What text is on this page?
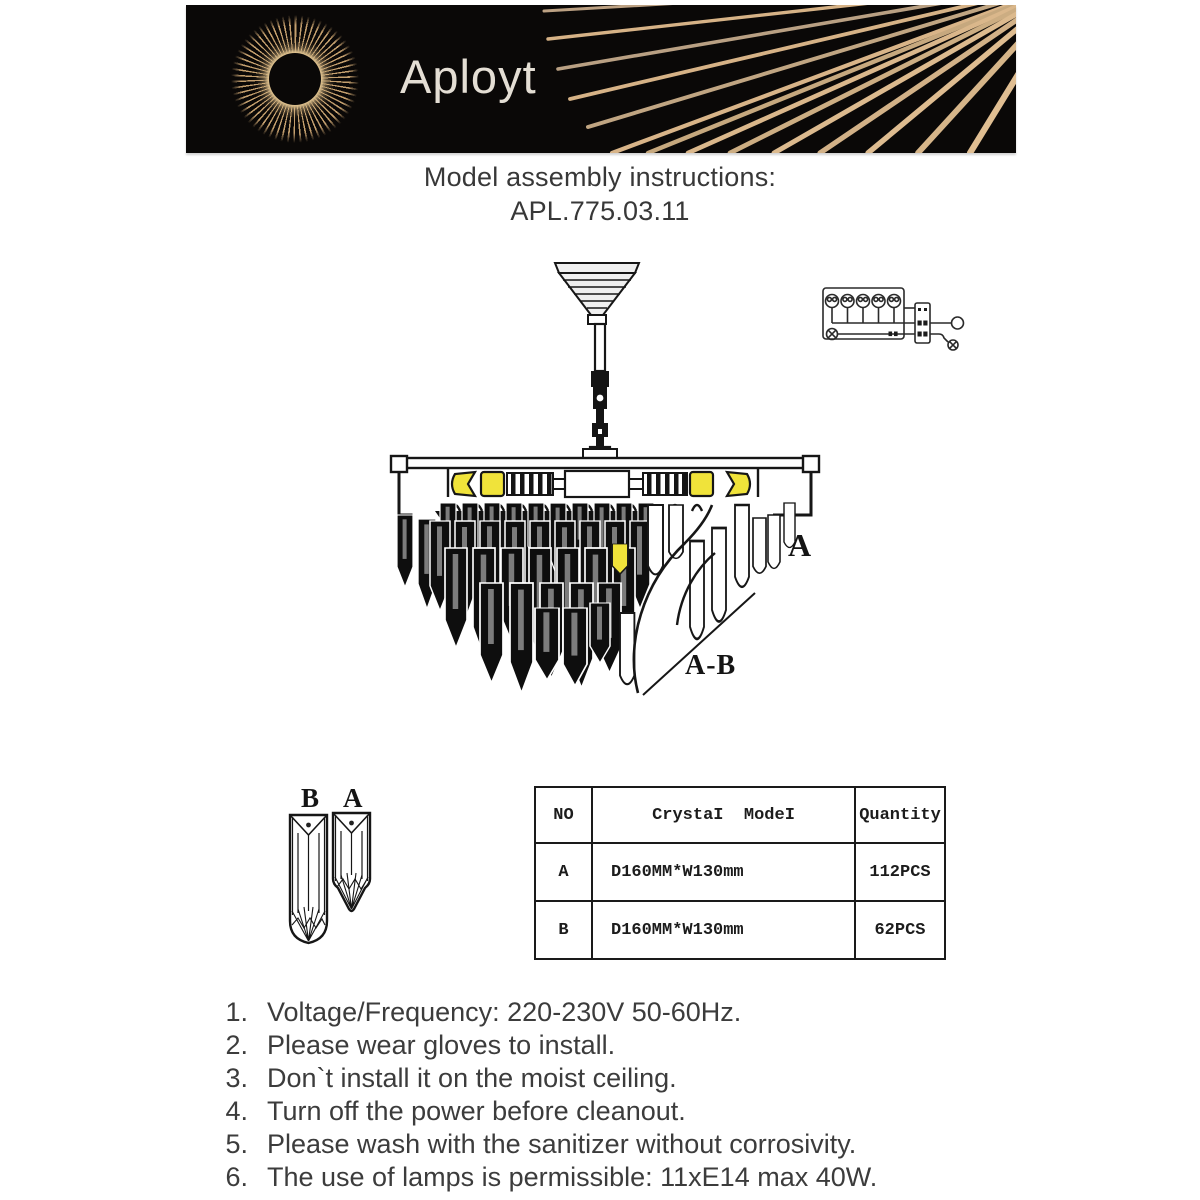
Aployt
Model assembly instructions:
APL.775.03.11
A
A-B
B A
NO	CrystaI  ModeI	Quantity
A	D160MM*W130mm	112PCS
B	D160MM*W130mm	62PCS
1. Voltage/Frequency: 220-230V 50-60Hz.
2. Please wear gloves to install.
3. Don`t install it on the moist ceiling.
4. Turn off the power before cleanout.
5. Please wash with the sanitizer without corrosivity.
6. The use of lamps is permissible: 11xE14 max 40W.
